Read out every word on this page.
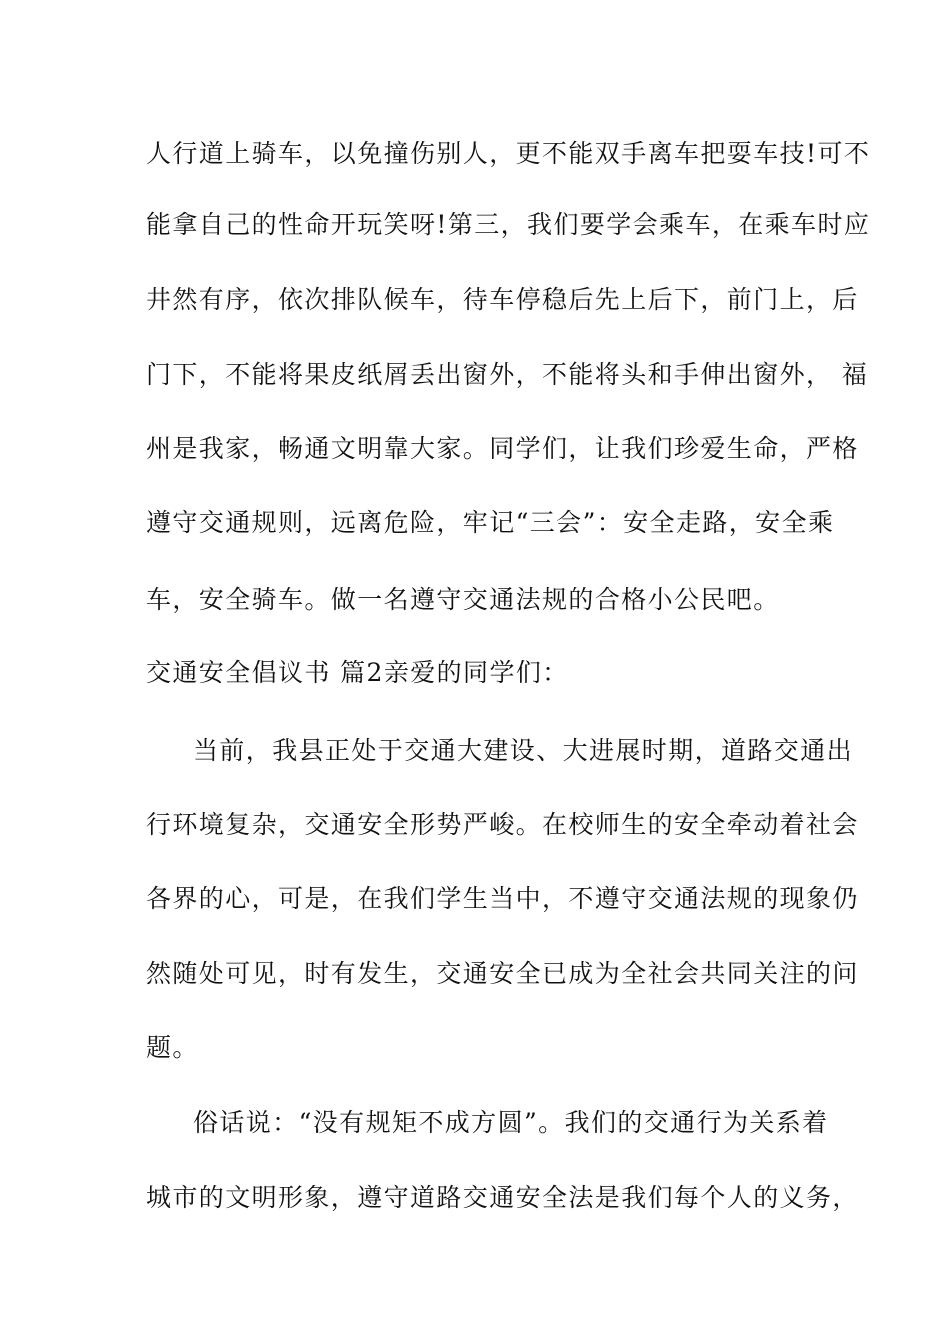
人行道上骑车，以免撞伤别人，更不能双手离车把耍车技!可不
能拿自己的性命开玩笑呀!第三，我们要学会乘车，在乘车时应
井然有序，依次排队候车，待车停稳后先上后下，前门上，后
门下，不能将果皮纸屑丢出窗外，不能将头和手伸出窗外， 福
州是我家，畅通文明靠大家。同学们，让我们珍爱生命，严格
遵守交通规则，远离危险，牢记“三会”：安全走路，安全乘
车，安全骑车。做一名遵守交通法规的合格小公民吧。
交通安全倡议书 篇2亲爱的同学们：
当前，我县正处于交通大建设、大进展时期，道路交通出
行环境复杂，交通安全形势严峻。在校师生的安全牵动着社会
各界的心，可是，在我们学生当中，不遵守交通法规的现象仍
然随处可见，时有发生，交通安全已成为全社会共同关注的问
题。
俗话说：“没有规矩不成方圆”。我们的交通行为关系着
城市的文明形象，遵守道路交通安全法是我们每个人的义务，
